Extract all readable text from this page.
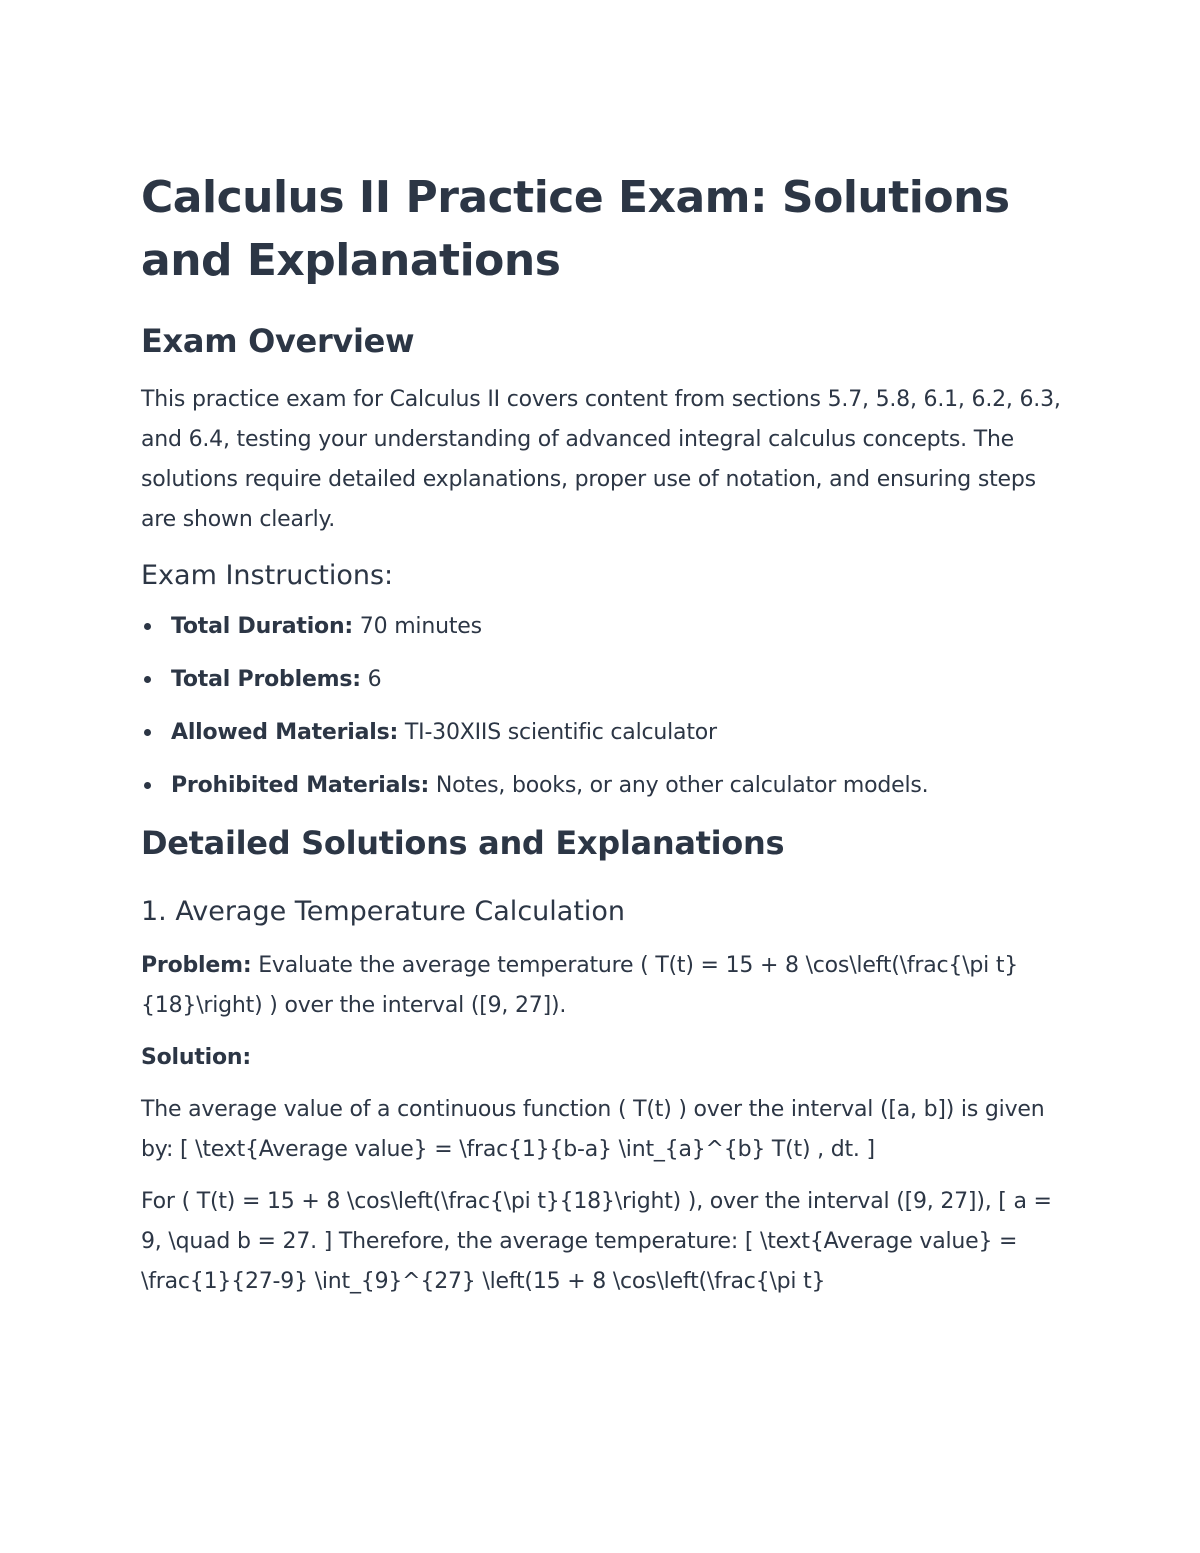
Calculus II Practice Exam: Solutions and Explanations
Exam Overview

This practice exam for Calculus II covers content from sections 5.7, 5.8, 6.1, 6.2, 6.3, and 6.4, testing your understanding of advanced integral calculus concepts. The solutions require detailed explanations, proper use of notation, and ensuring steps are shown clearly.

Exam Instructions:
Total Duration: 70 minutes
Total Problems: 6
Allowed Materials: TI-30XIIS scientific calculator
Prohibited Materials: Notes, books, or any other calculator models.
Detailed Solutions and Explanations
1. Average Temperature Calculation

Problem: Evaluate the average temperature ( T(t) = 15 + 8 \cos\left(\frac{\pi t}{18}\right) ) over the interval ([9, 27]).

Solution:

The average value of a continuous function ( T(t) ) over the interval ([a, b]) is given by: [ \text{Average value} = \frac{1}{b-a} \int_{a}^{b} T(t) , dt. ]

For ( T(t) = 15 + 8 \cos\left(\frac{\pi t}{18}\right) ), over the interval ([9, 27]), [ a = 9, \quad b = 27. ] Therefore, the average temperature: [ \text{Average value} = \frac{1}{27-9} \int_{9}^{27} \left(15 + 8 \cos\left(\frac{\pi t}
